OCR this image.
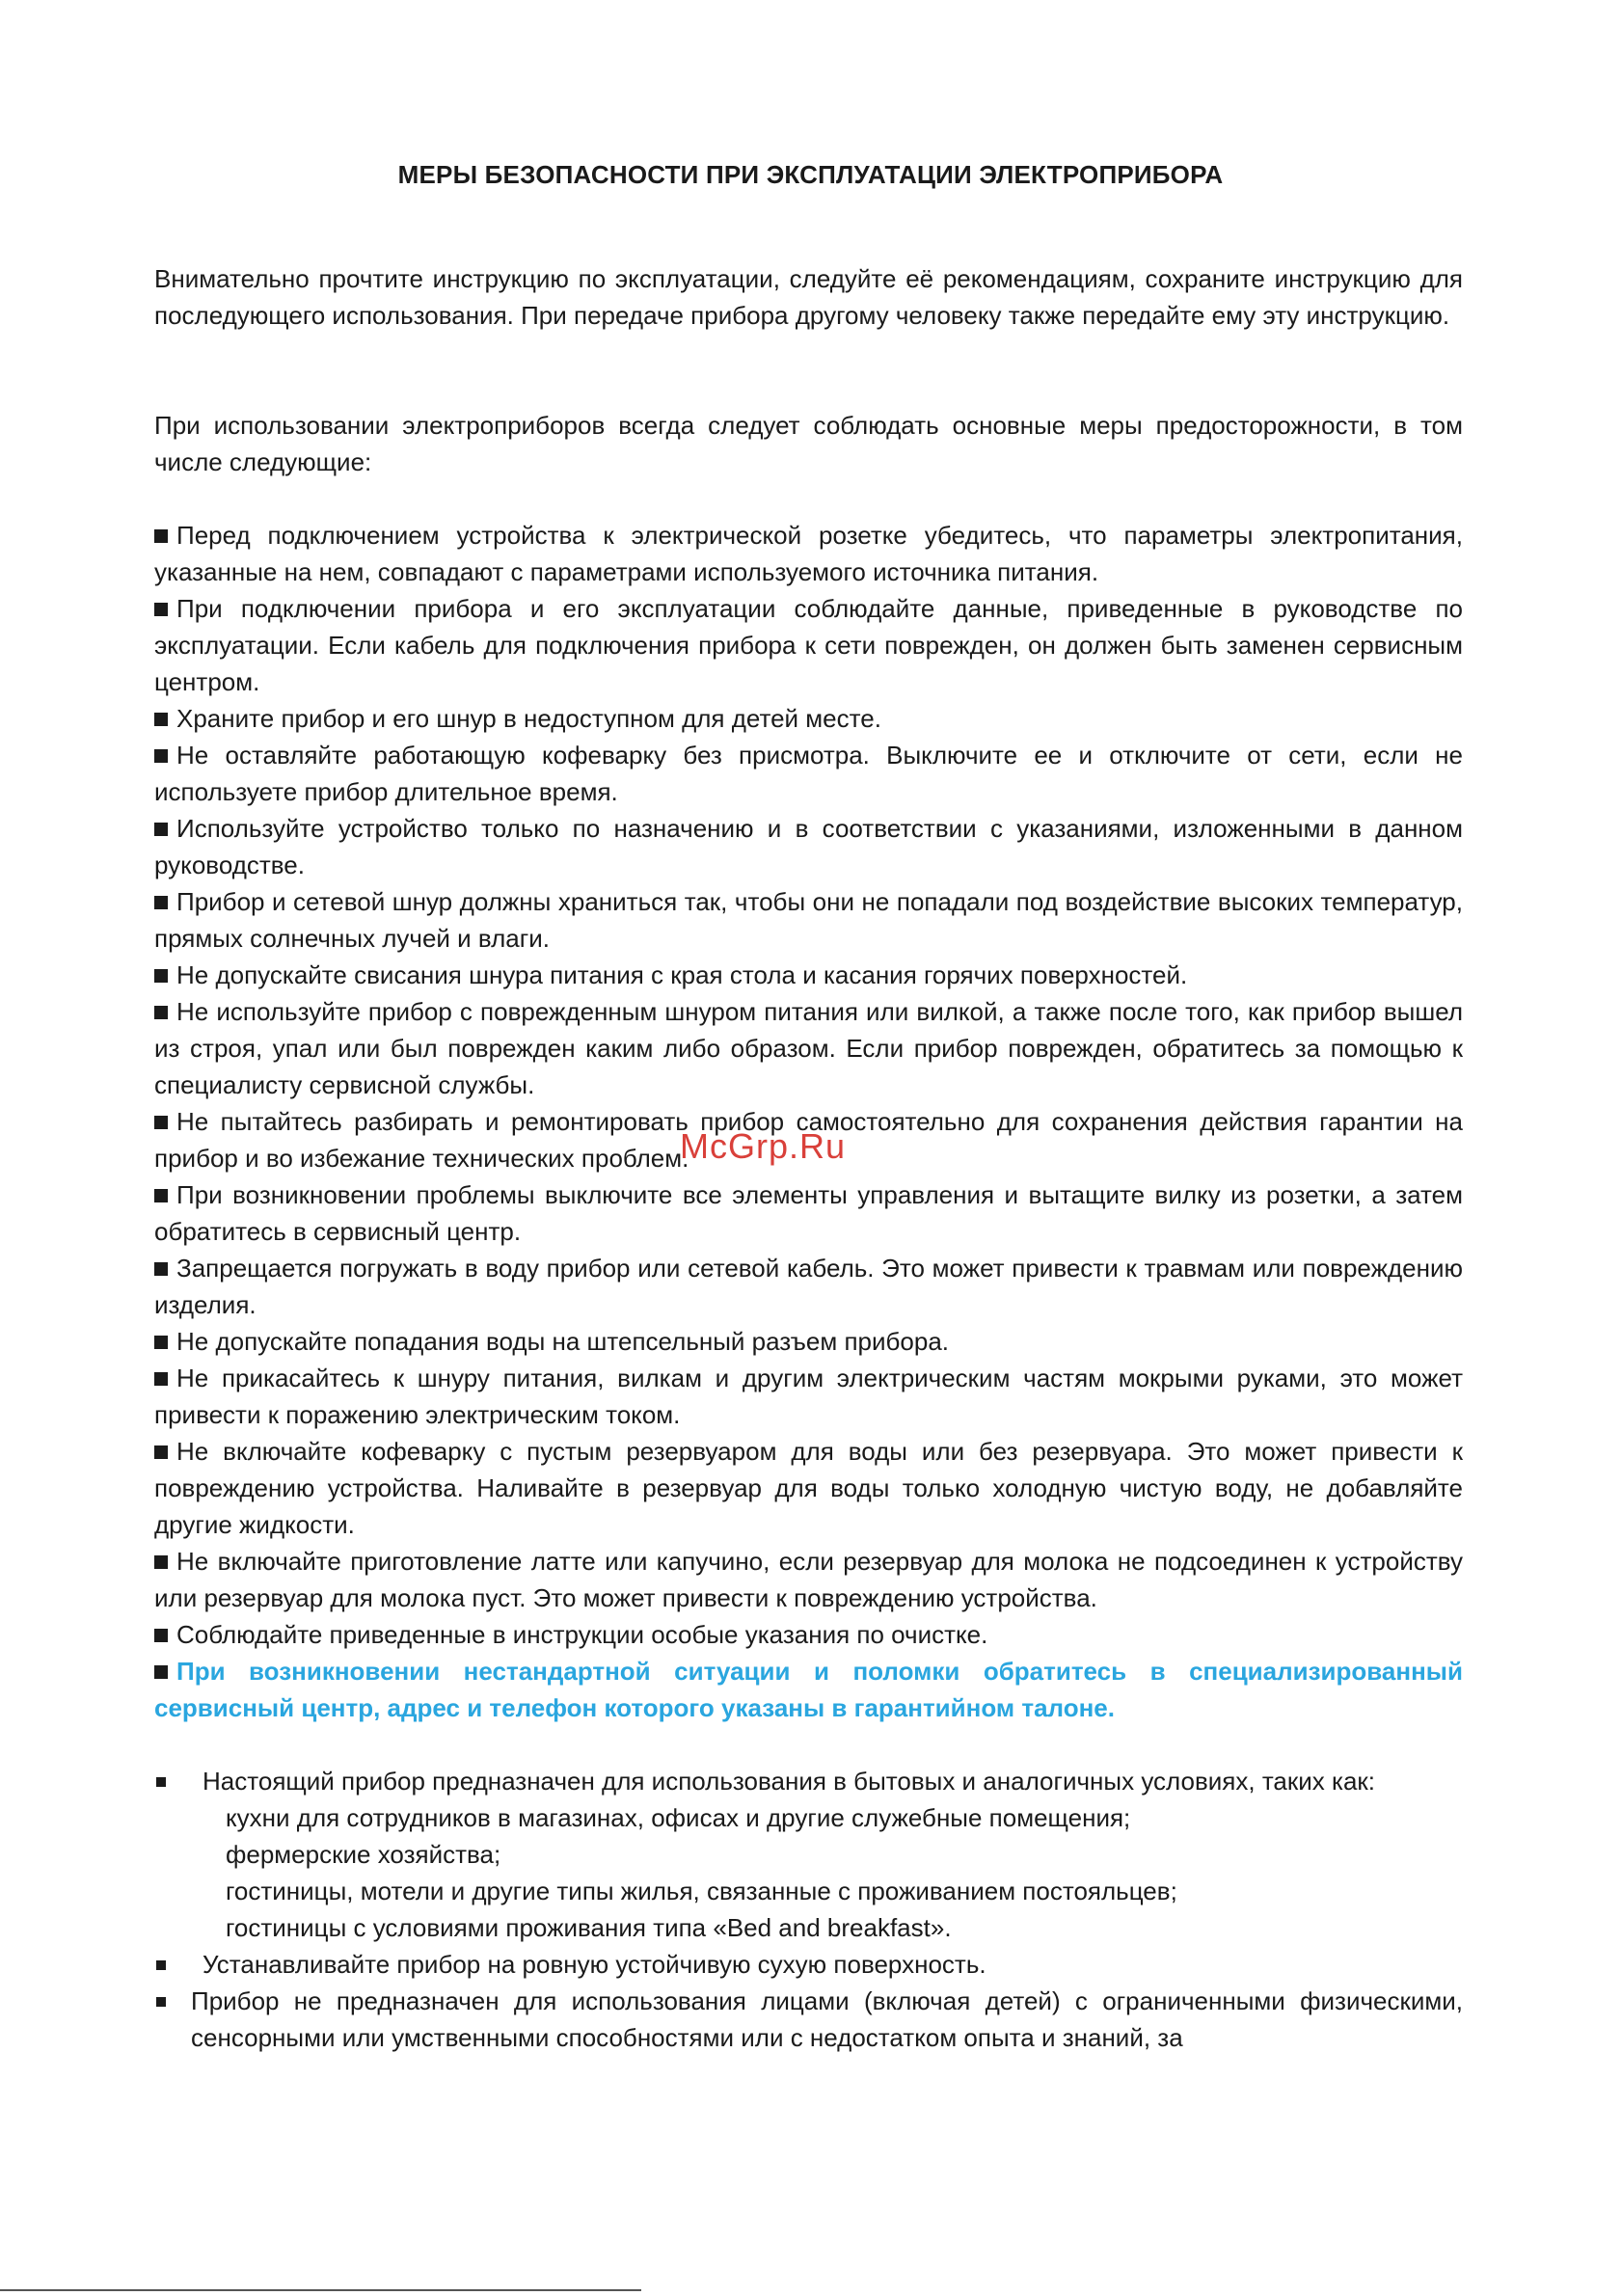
МЕРЫ БЕЗОПАСНОСТИ ПРИ ЭКСПЛУАТАЦИИ ЭЛЕКТРОПРИБОРА

Внимательно прочтите инструкцию по эксплуатации, следуйте её рекомендациям, сохраните инструкцию для последующего использования. При передаче прибора другому человеку также передайте ему эту инструкцию.

При использовании электроприборов всегда следует соблюдать основные меры предосторожности, в том числе следующие:

Перед подключением устройства к электрической розетке убедитесь, что параметры электропитания, указанные на нем, совпадают с параметрами используемого источника питания.

При подключении прибора и его эксплуатации соблюдайте данные, приведенные в руководстве по эксплуатации. Если кабель для подключения прибора к сети поврежден, он должен быть заменен сервисным центром.

Храните прибор и его шнур в недоступном для детей месте.

Не оставляйте работающую кофеварку без присмотра. Выключите ее и отключите от сети, если не используете прибор длительное время.

Используйте устройство только по назначению и в соответствии с указаниями, изложенными в данном руководстве.

Прибор и сетевой шнур должны храниться так, чтобы они не попадали под воздействие высоких температур, прямых солнечных лучей и влаги.

Не допускайте свисания шнура питания с края стола и касания горячих поверхностей.

Не используйте прибор с поврежденным шнуром питания или вилкой, а также после того, как прибор вышел из строя, упал или был поврежден каким либо образом. Если прибор поврежден, обратитесь за помощью к специалисту сервисной службы.

Не пытайтесь разбирать и ремонтировать прибор самостоятельно для сохранения действия гарантии на прибор и во избежание технических проблем.

При возникновении проблемы выключите все элементы управления и вытащите вилку из розетки, а затем обратитесь в сервисный центр.

Запрещается погружать в воду прибор или сетевой кабель. Это может привести к травмам или повреждению изделия.

Не допускайте попадания воды на штепсельный разъем прибора.

Не прикасайтесь к шнуру питания, вилкам и другим электрическим частям мокрыми руками, это может привести к поражению электрическим током.

Не включайте кофеварку с пустым резервуаром для воды или без резервуара. Это может привести к повреждению устройства. Наливайте в резервуар для воды только холодную чистую воду, не добавляйте другие жидкости.

Не включайте приготовление латте или капучино, если резервуар для молока не подсоединен к устройству или резервуар для молока пуст. Это может привести к повреждению устройства.

Соблюдайте приведенные в инструкции особые указания по очистке.

При возникновении нестандартной ситуации и поломки обратитесь в специализированный сервисный центр, адрес и телефон которого указаны в гарантийном талоне.

Настоящий прибор предназначен для использования в бытовых и аналогичных условиях, таких как:
кухни для сотрудников в магазинах, офисах и другие служебные помещения;
фермерские хозяйства;
гостиницы, мотели и другие типы жилья, связанные с проживанием постояльцев;
гостиницы с условиями проживания типа «Bed and breakfast».
Устанавливайте прибор на ровную устойчивую сухую поверхность.
Прибор не предназначен для использования лицами (включая детей) с ограниченными физическими, сенсорными или умственными способностями или с недостатком опыта и знаний, за
McGrp.Ru
